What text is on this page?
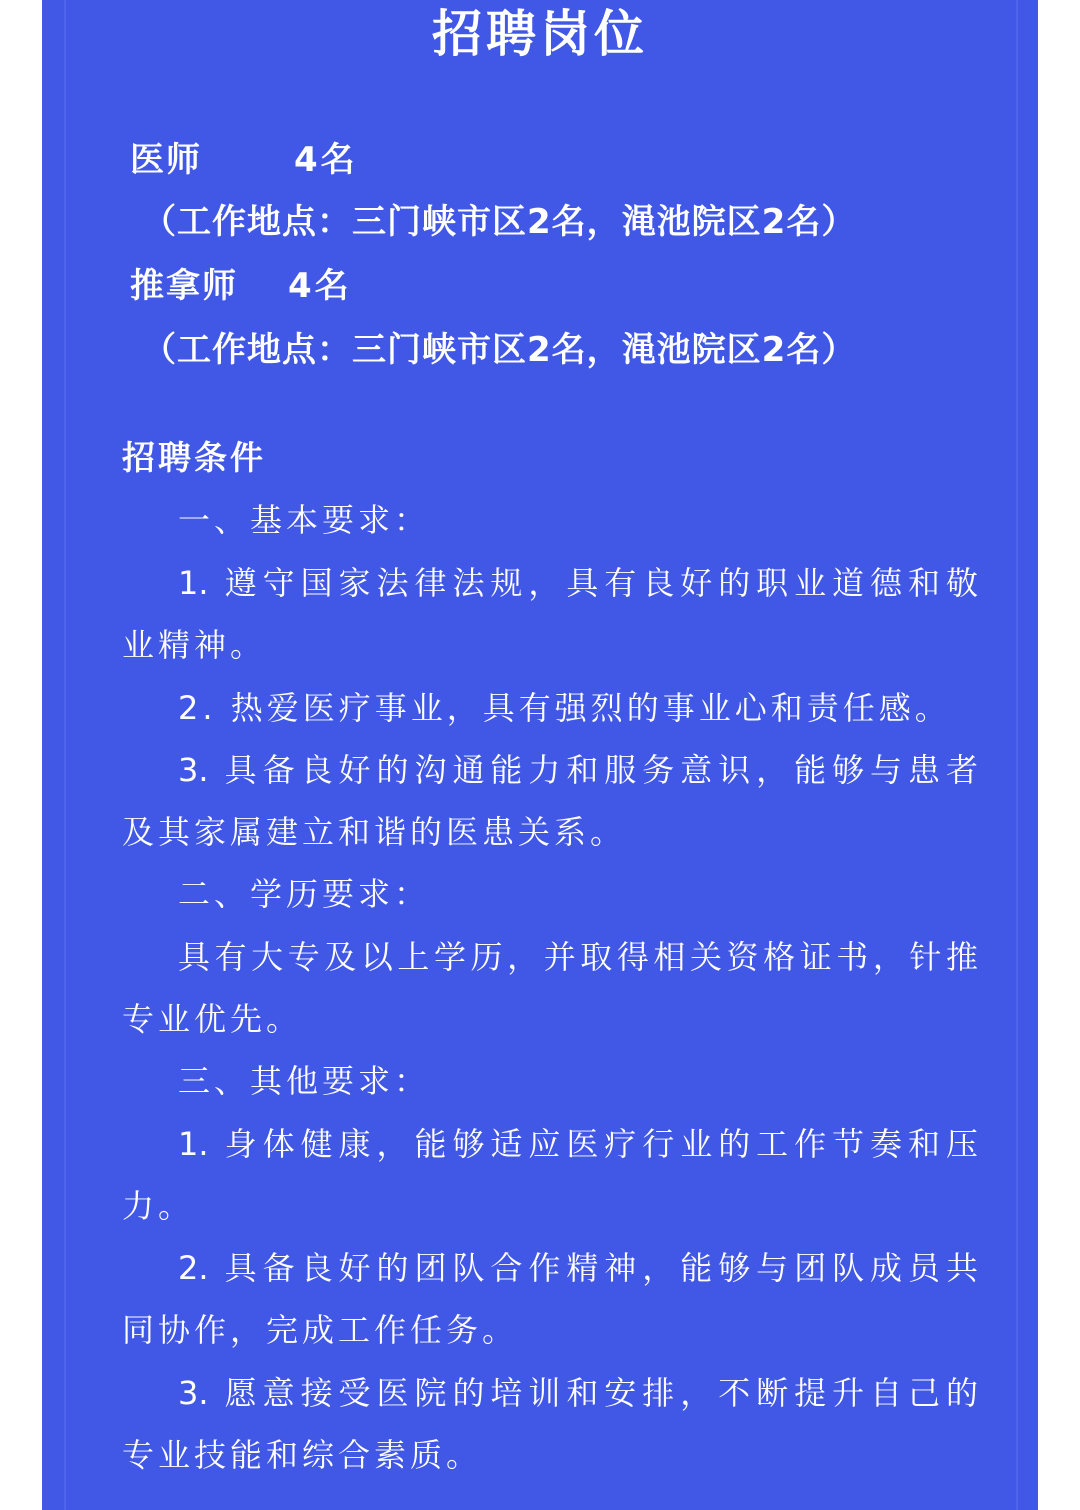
招聘岗位
医师	4名
（工作地点：三门峡市区2名，渑池院区2名）
推拿师 4名
（工作地点：三门峡市区2名，渑池院区2名）
招聘条件
一、基本要求：
1. 遵守国家法律法规，具有良好的职业道德和敬
业精神。
2. 热爱医疗事业，具有强烈的事业心和责任感。
3. 具备良好的沟通能力和服务意识，能够与患者
及其家属建立和谐的医患关系。
二、学历要求：
具有大专及以上学历，并取得相关资格证书，针推
专业优先。
三、其他要求：
1. 身体健康，能够适应医疗行业的工作节奏和压
力。
2. 具备良好的团队合作精神，能够与团队成员共
同协作，完成工作任务。
3. 愿意接受医院的培训和安排，不断提升自己的
专业技能和综合素质。
